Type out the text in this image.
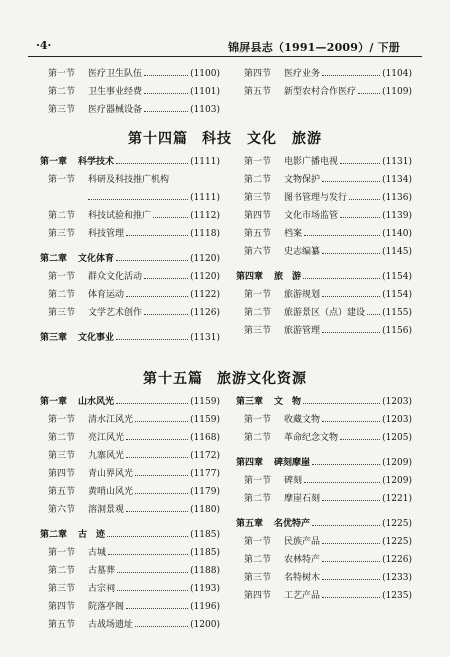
·4·	锦屏县志（1991—2009）/ 下册
第一节 医疗卫生队伍	(1100)
第二节 卫生事业经费	(1101)
第三节 医疗器械设备	(1103)
第四节 医疗业务	(1104)
第五节 新型农村合作医疗	(1109)
第十四篇 科技　文化　旅游
第一章 科学技术	(1111)
第一节 科研及科技推广机构
(1111)
第二节 科技试验和推广	(1112)
第三节 科技管理	(1118)
第二章 文化体育	(1120)
第一节 群众文化活动	(1120)
第二节 体育运动	(1122)
第三节 文学艺术创作	(1126)
第三章 文化事业	(1131)
第一节 电影广播电视	(1131)
第二节 文物保护	(1134)
第三节 图书管理与发行	(1136)
第四节 文化市场监管	(1139)
第五节 档案	(1140)
第六节 史志编纂	(1145)
第四章 旅　游	(1154)
第一节 旅游规划	(1154)
第二节 旅游景区（点）建设 (1155)
第三节 旅游管理	(1156)
第十五篇 旅游文化资源
第一章 山水风光	(1159)
第一节 清水江风光	(1159)
第二节 亮江风光	(1168)
第三节 九寨风光	(1172)
第四节 青山界风光	(1177)
第五节 黄哨山风光	(1179)
第六节 溶洞景观	(1180)
第二章 古　迹	(1185)
第一节 古城	(1185)
第二节 古墓葬	(1188)
第三节 古宗祠	(1193)
第四节 院落亭阁	(1196)
第五节 古战场遗址	(1200)
第三章 文　物	(1203)
第一节 收藏文物	(1203)
第二节 革命纪念文物	(1205)
第四章 碑刻摩崖	(1209)
第一节 碑刻	(1209)
第二节 摩崖石刻	(1221)
第五章 名优特产	(1225)
第一节 民族产品	(1225)
第二节 农林特产	(1226)
第三节 名特树木	(1233)
第四节 工艺产品	(1235)
